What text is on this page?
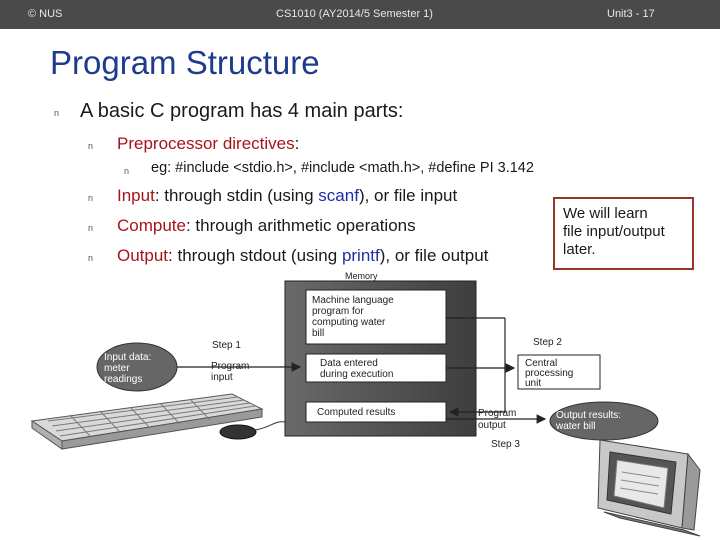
© NUS	CS1010 (AY2014/5 Semester 1)	Unit3 - 17
Program Structure
n A basic C program has 4 main parts:
n Preprocessor directives:
n eg: #include <stdio.h>, #include <math.h>, #define PI 3.142
n Input: through stdin (using scanf), or file input
n Compute: through arithmetic operations
n Output: through stdout (using printf), or file output
We will learn
file input/output
later.
Memory
Machine language program for computing water bill
Data entered during execution
Computed results
Input data: meter readings
Step 1
Program input
Step 2
Central processing unit
Program output
Step 3
Output results: water bill
